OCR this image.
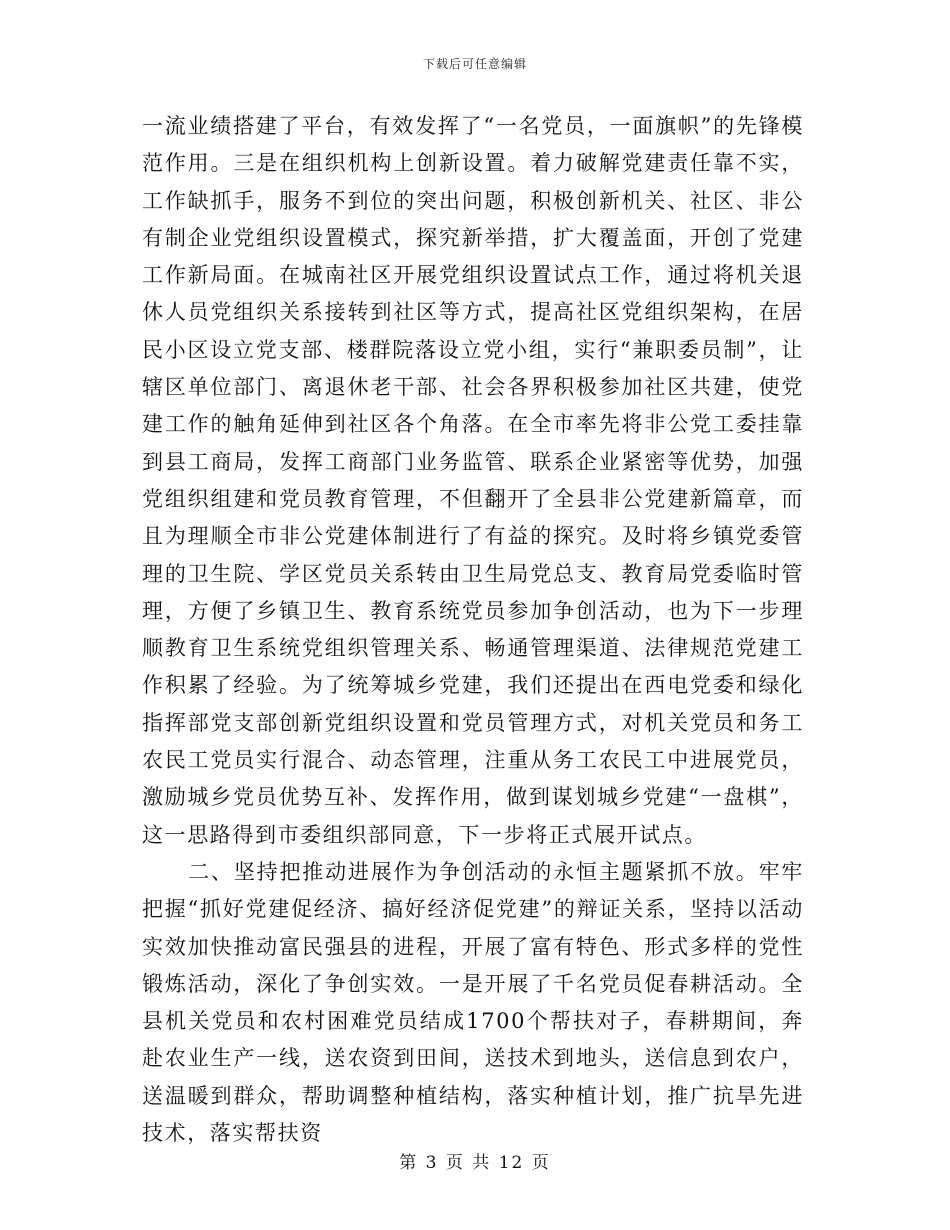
下载后可任意编辑

一流业绩搭建了平台，有效发挥了“一名党员，一面旗帜”的先锋模范作用。三是在组织机构上创新设置。着力破解党建责任靠不实，工作缺抓手，服务不到位的突出问题，积极创新机关、社区、非公有制企业党组织设置模式，探究新举措，扩大覆盖面，开创了党建工作新局面。在城南社区开展党组织设置试点工作，通过将机关退休人员党组织关系接转到社区等方式，提高社区党组织架构，在居民小区设立党支部、楼群院落设立党小组，实行“兼职委员制”，让辖区单位部门、离退休老干部、社会各界积极参加社区共建，使党建工作的触角延伸到社区各个角落。在全市率先将非公党工委挂靠到县工商局，发挥工商部门业务监管、联系企业紧密等优势，加强党组织组建和党员教育管理，不但翻开了全县非公党建新篇章，而且为理顺全市非公党建体制进行了有益的探究。及时将乡镇党委管理的卫生院、学区党员关系转由卫生局党总支、教育局党委临时管理，方便了乡镇卫生、教育系统党员参加争创活动，也为下一步理顺教育卫生系统党组织管理关系、畅通管理渠道、法律规范党建工作积累了经验。为了统筹城乡党建，我们还提出在西电党委和绿化指挥部党支部创新党组织设置和党员管理方式，对机关党员和务工农民工党员实行混合、动态管理，注重从务工农民工中进展党员，激励城乡党员优势互补、发挥作用，做到谋划城乡党建“一盘棋”，这一思路得到市委组织部同意，下一步将正式展开试点。

二、坚持把推动进展作为争创活动的永恒主题紧抓不放。牢牢把握“抓好党建促经济、搞好经济促党建”的辩证关系，坚持以活动实效加快推动富民强县的进程，开展了富有特色、形式多样的党性锻炼活动，深化了争创实效。一是开展了千名党员促春耕活动。全县机关党员和农村困难党员结成1700个帮扶对子，春耕期间，奔赴农业生产一线，送农资到田间，送技术到地头，送信息到农户，送温暖到群众，帮助调整种植结构，落实种植计划，推广抗旱先进技术，落实帮扶资

第 3 页 共 12 页
